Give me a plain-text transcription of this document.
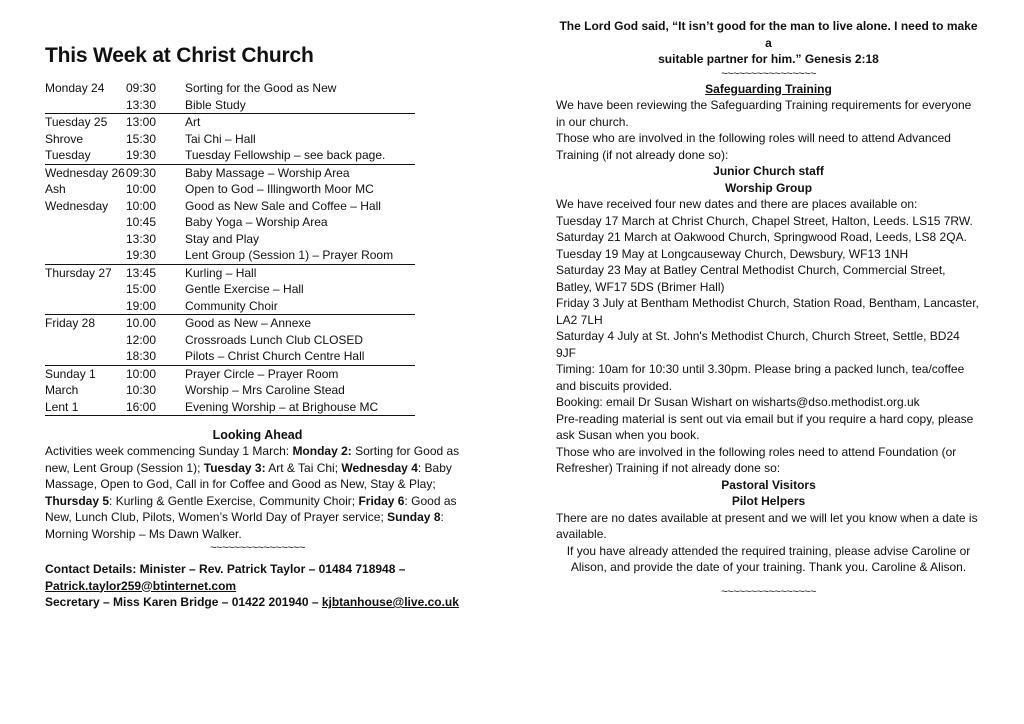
This Week at Christ Church
Monday 24	09:30	Sorting for the Good as New
	13:30	Bible Study
Tuesday 25	13:00	Art
Shrove	15:30	Tai Chi – Hall
Tuesday	19:30	Tuesday Fellowship – see back page.
Wednesday 26	09:30	Baby Massage – Worship Area
Ash	10:00	Open to God – Illingworth Moor MC
Wednesday	10:00	Good as New Sale and Coffee – Hall
	10:45	Baby Yoga – Worship Area
	13:30	Stay and Play
	19:30	Lent Group (Session 1) – Prayer Room
Thursday 27	13:45	Kurling – Hall
	15:00	Gentle Exercise – Hall
	19:00	Community Choir
Friday 28	10.00	Good as New – Annexe
	12:00	Crossroads Lunch Club CLOSED
	18:30	Pilots – Christ Church Centre Hall
Sunday 1	10:00	Prayer Circle – Prayer Room
March	10:30	Worship – Mrs Caroline Stead
Lent 1	16:00	Evening Worship – at Brighouse MC
Looking Ahead

Activities week commencing Sunday 1 March: Monday 2: Sorting for Good as new, Lent Group (Session 1); Tuesday 3: Art & Tai Chi; Wednesday 4: Baby Massage, Open to God, Call in for Coffee and Good as New, Stay & Play; Thursday 5: Kurling & Gentle Exercise, Community Choir; Friday 6: Good as New, Lunch Club, Pilots, Women’s World Day of Prayer service; Sunday 8: Morning Worship – Ms Dawn Walker.

~~~~~~~~~~~~~~~~
Contact Details: Minister – Rev. Patrick Taylor – 01484 718948 –
Patrick.taylor259@btinternet.com
Secretary – Miss Karen Bridge – 01422 201940 – kjbtanhouse@live.co.uk
The Lord God said, “It isn’t good for the man to live alone. I need to make a
suitable partner for him.” Genesis 2:18
~~~~~~~~~~~~~~~~
Safeguarding Training

We have been reviewing the Safeguarding Training requirements for everyone in our church.

Those who are involved in the following roles will need to attend Advanced Training (if not already done so):

Junior Church staff
Worship Group

We have received four new dates and there are places available on:

Tuesday 17 March at Christ Church, Chapel Street, Halton, Leeds. LS15 7RW.

Saturday 21 March at Oakwood Church, Springwood Road, Leeds, LS8 2QA.

Tuesday 19 May at Longcauseway Church, Dewsbury, WF13 1NH

Saturday 23 May at Batley Central Methodist Church, Commercial Street, Batley, WF17 5DS (Brimer Hall)

Friday 3 July at Bentham Methodist Church, Station Road, Bentham, Lancaster, LA2 7LH

Saturday 4 July at St. John's Methodist Church, Church Street, Settle, BD24 9JF

Timing: 10am for 10:30 until 3.30pm. Please bring a packed lunch, tea/coffee and biscuits provided.

Booking: email Dr Susan Wishart on wisharts@dso.methodist.org.uk

Pre-reading material is sent out via email but if you require a hard copy, please ask Susan when you book.

Those who are involved in the following roles need to attend Foundation (or Refresher) Training if not already done so:

Pastoral Visitors
Pilot Helpers

There are no dates available at present and we will let you know when a date is available.

If you have already attended the required training, please advise Caroline or Alison, and provide the date of your training. Thank you. Caroline & Alison.

~~~~~~~~~~~~~~~~
